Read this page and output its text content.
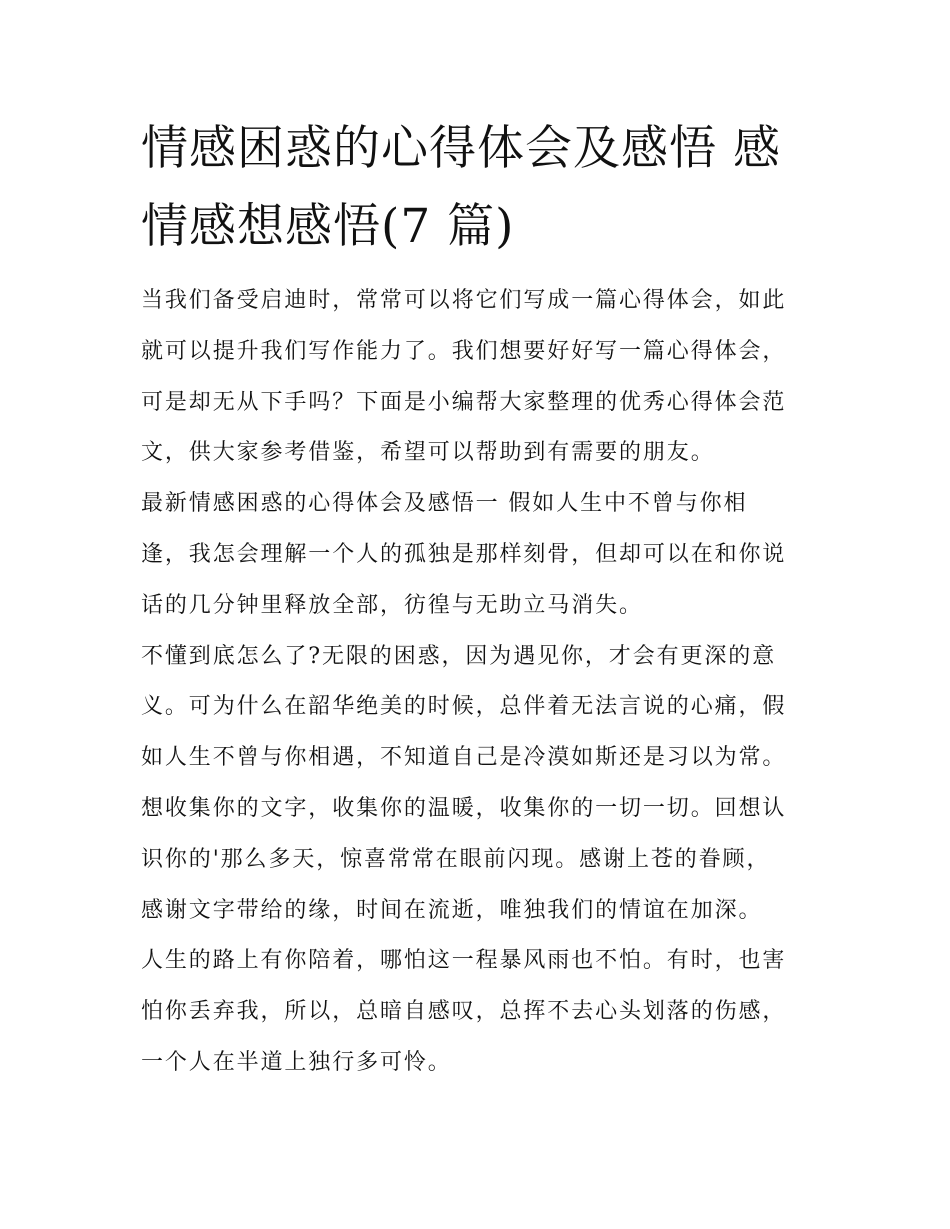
情感困惑的心得体会及感悟 感
情感想感悟(7 篇)
当我们备受启迪时，常常可以将它们写成一篇心得体会，如此
就可以提升我们写作能力了。我们想要好好写一篇心得体会，
可是却无从下手吗？下面是小编帮大家整理的优秀心得体会范
文，供大家参考借鉴，希望可以帮助到有需要的朋友。
最新情感困惑的心得体会及感悟一 假如人生中不曾与你相
逢，我怎会理解一个人的孤独是那样刻骨，但却可以在和你说
话的几分钟里释放全部，彷徨与无助立马消失。
不懂到底怎么了?无限的困惑，因为遇见你，才会有更深的意
义。可为什么在韶华绝美的时候，总伴着无法言说的心痛，假
如人生不曾与你相遇，不知道自己是冷漠如斯还是习以为常。
想收集你的文字，收集你的温暖，收集你的一切一切。回想认
识你的'那么多天，惊喜常常在眼前闪现。感谢上苍的眷顾，
感谢文字带给的缘，时间在流逝，唯独我们的情谊在加深。
人生的路上有你陪着，哪怕这一程暴风雨也不怕。有时，也害
怕你丢弃我，所以，总暗自感叹，总挥不去心头划落的伤感，
一个人在半道上独行多可怜。
